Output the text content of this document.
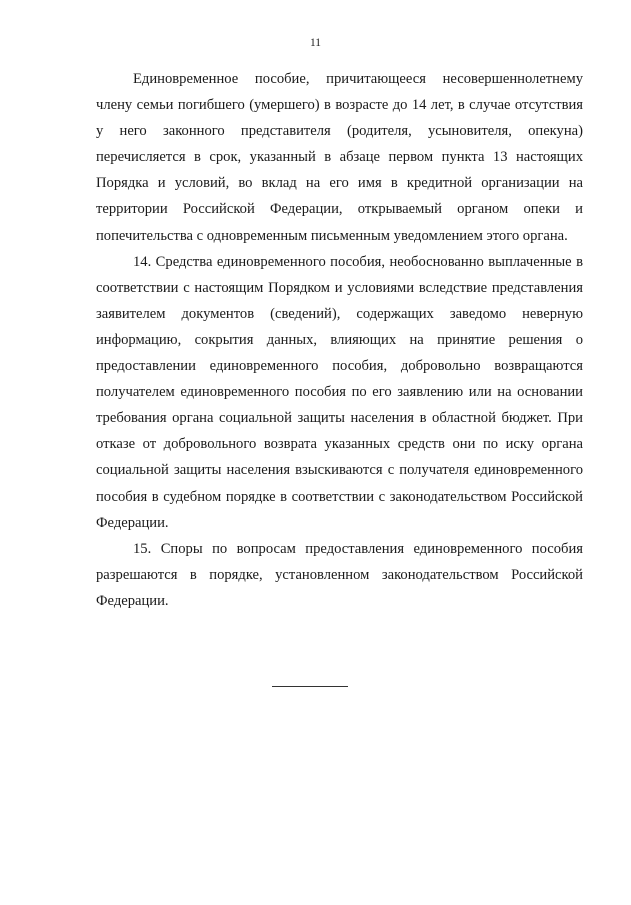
11

Единовременное пособие, причитающееся несовершеннолетнему члену семьи погибшего (умершего) в возрасте до 14 лет, в случае отсутствия у него законного представителя (родителя, усыновителя, опекуна) перечисляется в срок, указанный в абзаце первом пункта 13 настоящих Порядка и условий, во вклад на его имя в кредитной организации на территории Российской Федерации, открываемый органом опеки и попечительства с одновременным письменным уведомлением этого органа.

14. Средства единовременного пособия, необоснованно выплаченные в соответствии с настоящим Порядком и условиями вследствие представления заявителем документов (сведений), содержащих заведомо неверную информацию, сокрытия данных, влияющих на принятие решения о предоставлении единовременного пособия, добровольно возвращаются получателем единовременного пособия по его заявлению или на основании требования органа социальной защиты населения в областной бюджет. При отказе от добровольного возврата указанных средств они по иску органа социальной защиты населения взыскиваются с получателя единовременного пособия в судебном порядке в соответствии с законодательством Российской Федерации.

15. Споры по вопросам предоставления единовременного пособия разрешаются в порядке, установленном законодательством Российской Федерации.
